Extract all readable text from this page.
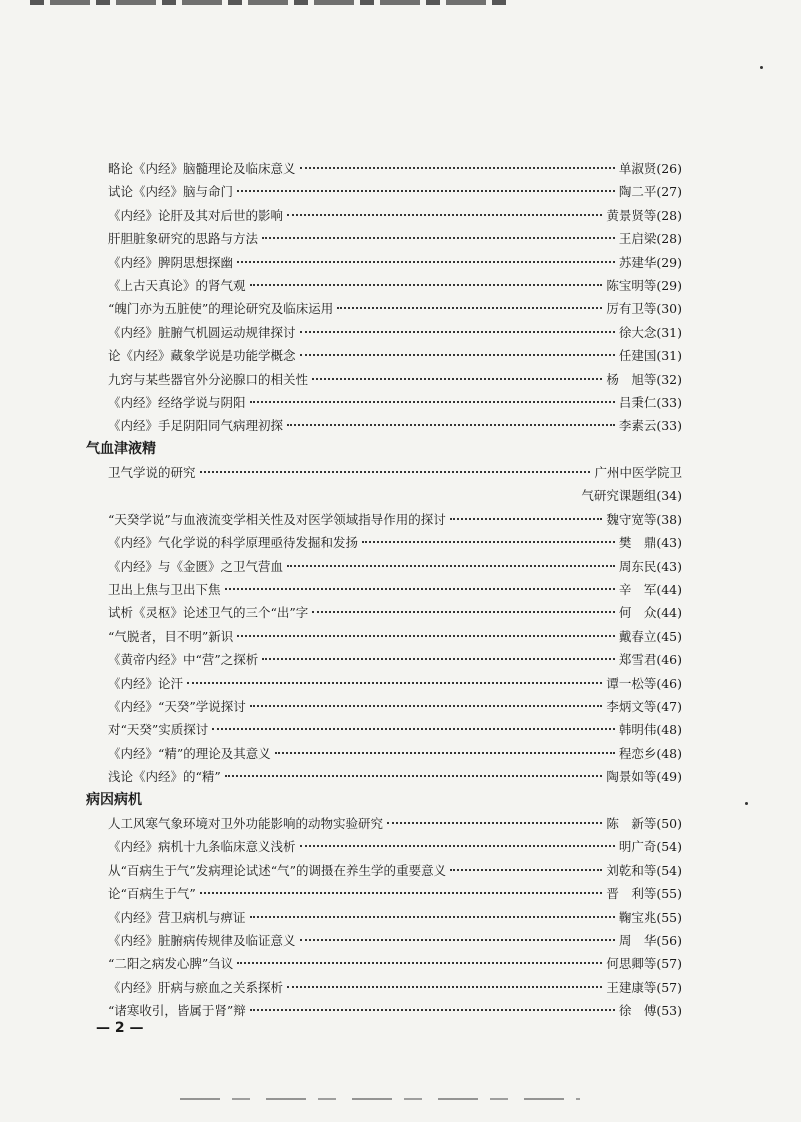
略论《内经》脑髓理论及临床意义	单淑贤(26)
试论《内经》脑与命门	陶二平(27)
《内经》论肝及其对后世的影响	黄景贤等(28)
肝胆脏象研究的思路与方法	王启梁(28)
《内经》脾阴思想探幽	苏建华(29)
《上古天真论》的肾气观	陈宝明等(29)
“魄门亦为五脏使”的理论研究及临床运用	厉有卫等(30)
《内经》脏腑气机圆运动规律探讨	徐大念(31)
论《内经》藏象学说是功能学概念	任建国(31)
九窍与某些器官外分泌腺口的相关性	杨　旭等(32)
《内经》经络学说与阴阳	吕秉仁(33)
《内经》手足阴阳同气病理初探	李素云(33)
气血津液精
卫气学说的研究	广州中医学院卫
气研究课题组(34)
“天癸学说”与血液流变学相关性及对医学领域指导作用的探讨	魏守宽等(38)
《内经》气化学说的科学原理亟待发掘和发扬	樊　鼎(43)
《内经》与《金匮》之卫气营血	周东民(43)
卫出上焦与卫出下焦	辛　军(44)
试析《灵枢》论述卫气的三个“出”字	何　众(44)
“气脱者，目不明”新识	戴春立(45)
《黄帝内经》中“营”之探析	郑雪君(46)
《内经》论汗	谭一松等(46)
《内经》“天癸”学说探讨	李炳文等(47)
对“天癸”实质探讨	韩明伟(48)
《内经》“精”的理论及其意义	程恋乡(48)
浅论《内经》的“精”	陶景如等(49)
病因病机
人工风寒气象环境对卫外功能影响的动物实验研究	陈　新等(50)
《内经》病机十九条临床意义浅析	明广奇(54)
从“百病生于气”发病理论试述“气”的调摄在养生学的重要意义	刘乾和等(54)
论“百病生于气”	晋　利等(55)
《内经》营卫病机与痹证	鞠宝兆(55)
《内经》脏腑病传规律及临证意义	周　华(56)
“二阳之病发心脾”刍议	何思卿等(57)
《内经》肝病与瘀血之关系探析	王建康等(57)
“诸寒收引，皆属于肾”辩	徐　傅(53)
— 2 —
